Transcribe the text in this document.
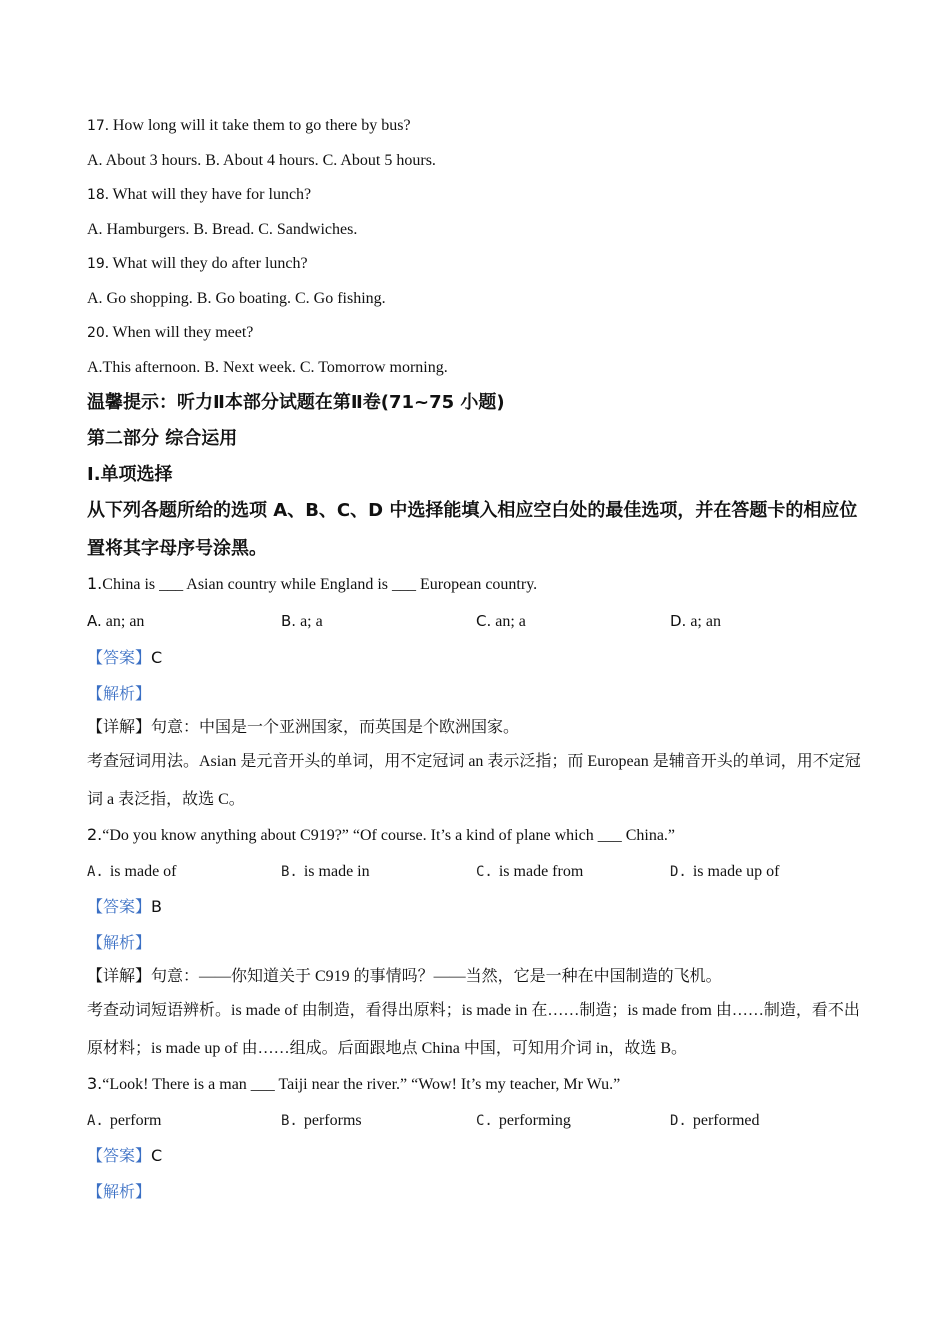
17. How long will it take them to go there by bus?
A. About 3 hours. B. About 4 hours. C. About 5 hours.
18. What will they have for lunch?
A. Hamburgers. B. Bread. C. Sandwiches.
19. What will they do after lunch?
A. Go shopping. B. Go boating. C. Go fishing.
20. When will they meet?
A.This afternoon. B. Next week. C. Tomorrow morning.
温馨提示：听力Ⅱ本部分试题在第Ⅱ卷(71~75 小题)
第二部分 综合运用
Ⅰ.单项选择
从下列各题所给的选项 A、B、C、D 中选择能填入相应空白处的最佳选项，并在答题卡的相应位置将其字母序号涂黑。
1.China is ___ Asian country while England is ___ European country.
A. an; an	B. a; a	C. an; a	D. a; an
【答案】C
【解析】
【详解】句意：中国是一个亚洲国家，而英国是个欧洲国家。
考查冠词用法。Asian 是元音开头的单词，用不定冠词 an 表示泛指；而 European 是辅音开头的单词，用不定冠词 a 表泛指，故选 C。
2.“Do you know anything about C919?” “Of course. It’s a kind of plane which ___ China.”
A. is made of	B. is made in	C. is made from	D. is made up of
【答案】B
【解析】
【详解】句意：——你知道关于 C919 的事情吗？——当然，它是一种在中国制造的飞机。
考查动词短语辨析。is made of 由制造，看得出原料；is made in 在……制造；is made from 由……制造，看不出原材料；is made up of 由……组成。后面跟地点 China 中国，可知用介词 in，故选 B。
3.“Look! There is a man ___ Taiji near the river.” “Wow! It’s my teacher, Mr Wu.”
A. perform	B. performs	C. performing	D. performed
【答案】C
【解析】
